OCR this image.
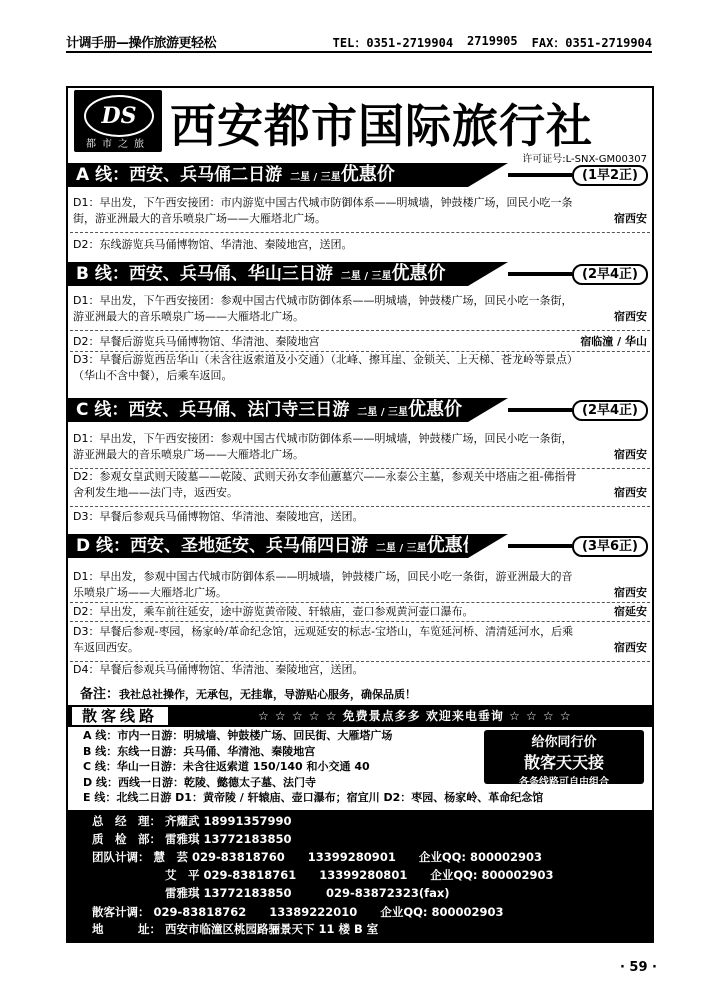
计调手册—操作旅游更轻松	TEL：0351-2719904 2719905 FAX：0351-2719904
DS
都市之旅 西安都市国际旅行社
许可证号:L-SNX-GM00307
A 线：西安、兵马俑二日游 二星 / 三星优惠价	(1早2正)
D1：早出发，下午西安接团：市内游览中国古代城市防御体系——明城墙，钟鼓楼广场，回民小吃一条街，游亚洲最大的音乐喷泉广场——大雁塔北广场。	宿西安
D2：东线游览兵马俑博物馆、华清池、秦陵地宫，送团。
B 线：西安、兵马俑、华山三日游 二星 / 三星优惠价	(2早4正)
D1：早出发，下午西安接团：参观中国古代城市防御体系——明城墙，钟鼓楼广场，回民小吃一条街，游亚洲最大的音乐喷泉广场——大雁塔北广场。	宿西安
D2：早餐后游览兵马俑博物馆、华清池、秦陵地宫	宿临潼 / 华山
D3：早餐后游览西岳华山（未含往返索道及小交通）（北峰、擦耳崖、金锁关、上天梯、苍龙岭等景点）（华山不含中餐），后乘车返回。
C 线：西安、兵马俑、法门寺三日游 二星 / 三星优惠价	(2早4正)
D1：早出发，下午西安接团：参观中国古代城市防御体系——明城墙，钟鼓楼广场，回民小吃一条街，游亚洲最大的音乐喷泉广场——大雁塔北广场。	宿西安
D2：参观女皇武则天陵墓——乾陵、武则天孙女李仙蕙墓穴——永泰公主墓，参观关中塔庙之祖-佛指骨舍利发生地——法门寺，返西安。	宿西安
D3：早餐后参观兵马俑博物馆、华清池、秦陵地宫，送团。
D 线：西安、圣地延安、兵马俑四日游 二星 / 三星优惠价	(3早6正)
D1：早出发，参观中国古代城市防御体系——明城墙，钟鼓楼广场，回民小吃一条街，游亚洲最大的音乐喷泉广场——大雁塔北广场。	宿西安
D2：早出发，乘车前往延安，途中游览黄帝陵、轩辕庙，壶口参观黄河壶口瀑布。	宿延安
D3：早餐后参观-枣园，杨家岭/革命纪念馆，远观延安的标志-宝塔山，车览延河桥、清清延河水，后乘车返回西安。	宿西安
D4：早餐后参观兵马俑博物馆、华清池、秦陵地宫，送团。
备注：我社总社操作，无承包，无挂靠，导游贴心服务，确保品质！
散客线路	☆ ☆ ☆ ☆ ☆ 免费景点多多 欢迎来电垂询 ☆ ☆ ☆ ☆
A 线：市内一日游：明城墙、钟鼓楼广场、回民街、大雁塔广场
B 线：东线一日游：兵马俑、华清池、秦陵地宫
C 线：华山一日游：未含往返索道 150/140 和小交通 40
D 线：西线一日游：乾陵、懿德太子墓、法门寺
E 线：北线二日游 D1：黄帝陵 / 轩辕庙、壶口瀑布；宿宜川 D2：枣园、杨家岭、革命纪念馆
给你同行价
散客天天接
各条线路可自由组合
总　经　理： 齐耀武 18991357990
质　检　部： 雷雅琪 13772183850
团队计调： 慧　芸 029-83818760　　13399280901　　企业QQ: 800002903
　　　　　　 艾　平 029-83818761　　13399280801　　企业QQ: 800002903
　　　　　　 雷雅琪 13772183850　　　029-83872323(fax)
散客计调： 029-83818762　　13389222010　　企业QQ: 800002903
地　　　址： 西安市临潼区桃园路骊景天下 11 楼 B 室
· 59 ·
